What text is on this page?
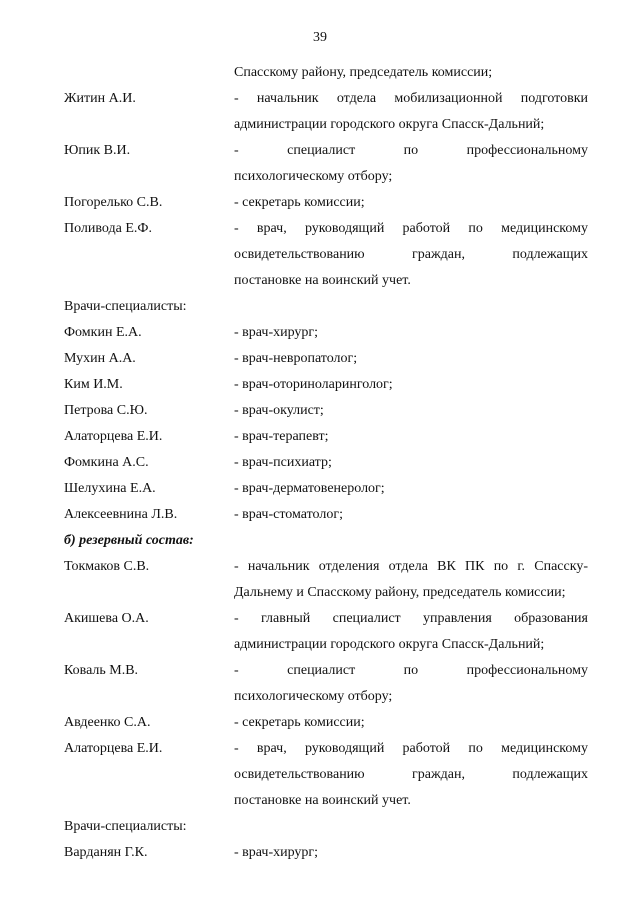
39
Спасскому району, председатель комиссии;
Житин А.И.	- начальник отдела мобилизационной подготовки
администрации городского округа Спасск-Дальний;
Юпик В.И.	- специалист по профессиональному
психологическому отбору;
Погорелько С.В.	- секретарь комиссии;
Поливода Е.Ф.	- врач, руководящий работой по медицинскому
освидетельствованию граждан, подлежащих
постановке на воинский учет.
Врачи-специалисты:
Фомкин Е.А.	- врач-хирург;
Мухин А.А.	- врач-невропатолог;
Ким И.М.	- врач-оториноларинголог;
Петрова С.Ю.	- врач-окулист;
Алаторцева Е.И.	- врач-терапевт;
Фомкина А.С.	- врач-психиатр;
Шелухина Е.А.	- врач-дерматовенеролог;
Алексеевнина Л.В.	- врач-стоматолог;
б) резервный состав:
Токмаков С.В.	- начальник отделения отдела ВК ПК по г. Спасску-
Дальнему и Спасскому району, председатель комиссии;
Акишева О.А.	- главный специалист управления образования
администрации городского округа Спасск-Дальний;
Коваль М.В.	- специалист по профессиональному
психологическому отбору;
Авдеенко С.А.	- секретарь комиссии;
Алаторцева Е.И.	- врач, руководящий работой по медицинскому
освидетельствованию граждан, подлежащих
постановке на воинский учет.
Врачи-специалисты:
Варданян Г.К.	- врач-хирург;
